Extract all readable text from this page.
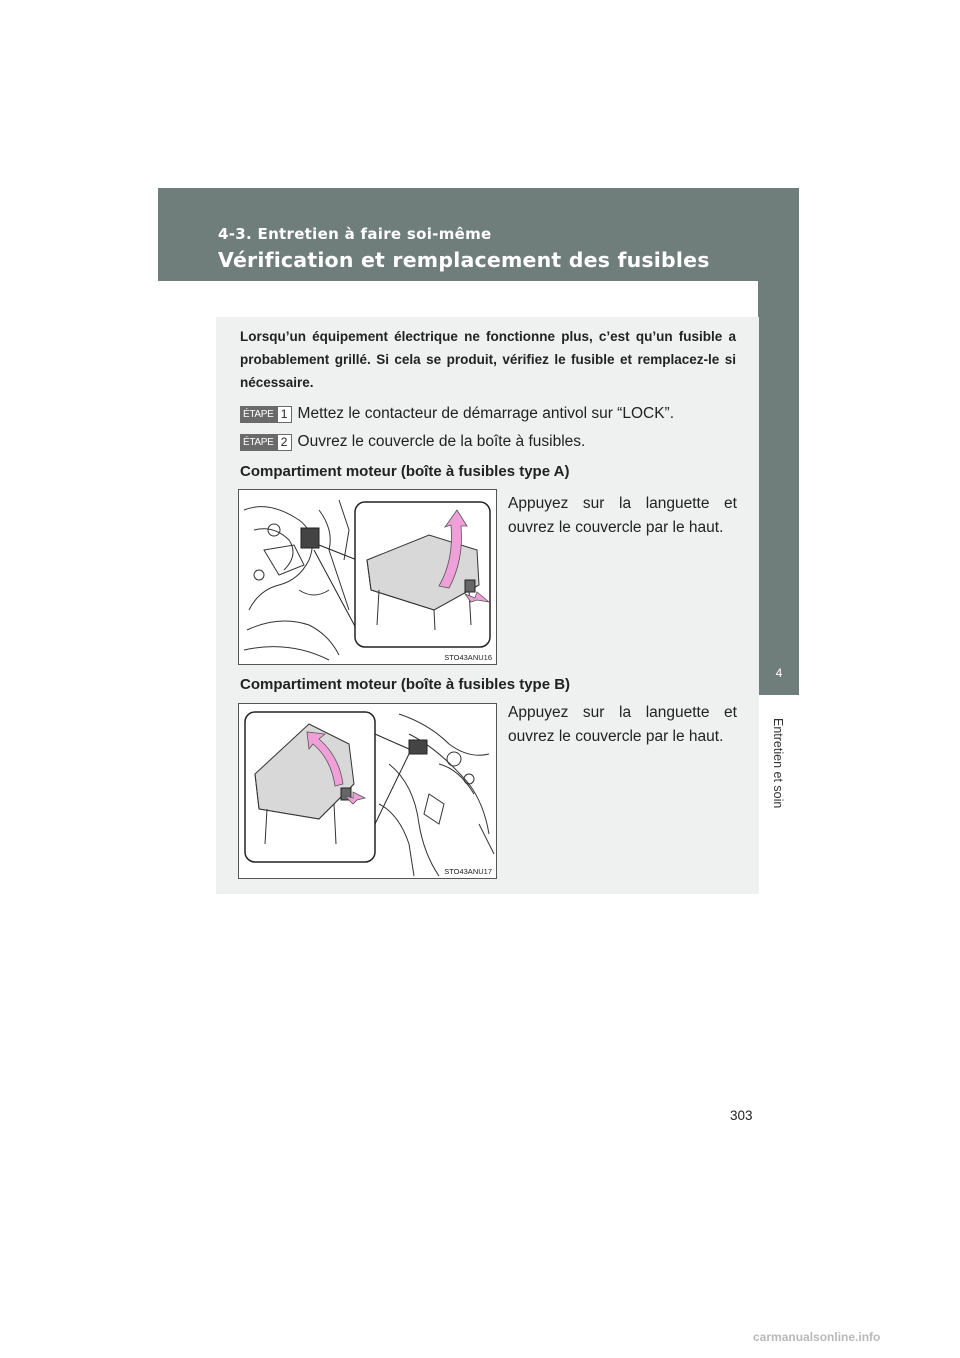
4-3. Entretien à faire soi-même
Vérification et remplacement des fusibles
4
Entretien et soin
Lorsqu’un équipement électrique ne fonctionne plus, c’est qu’un fusible a probablement grillé. Si cela se produit, vérifiez le fusible et remplacez-le si nécessaire.
ÉTAPE 1 Mettez le contacteur de démarrage antivol sur “LOCK”.
ÉTAPE 2 Ouvrez le couvercle de la boîte à fusibles.
Compartiment moteur (boîte à fusibles type A)
STO43ANU16
Appuyez sur la languette et ouvrez le couvercle par le haut.
Compartiment moteur (boîte à fusibles type B)
STO43ANU17
Appuyez sur la languette et ouvrez le couvercle par le haut.
303
carmanualsonline.info
